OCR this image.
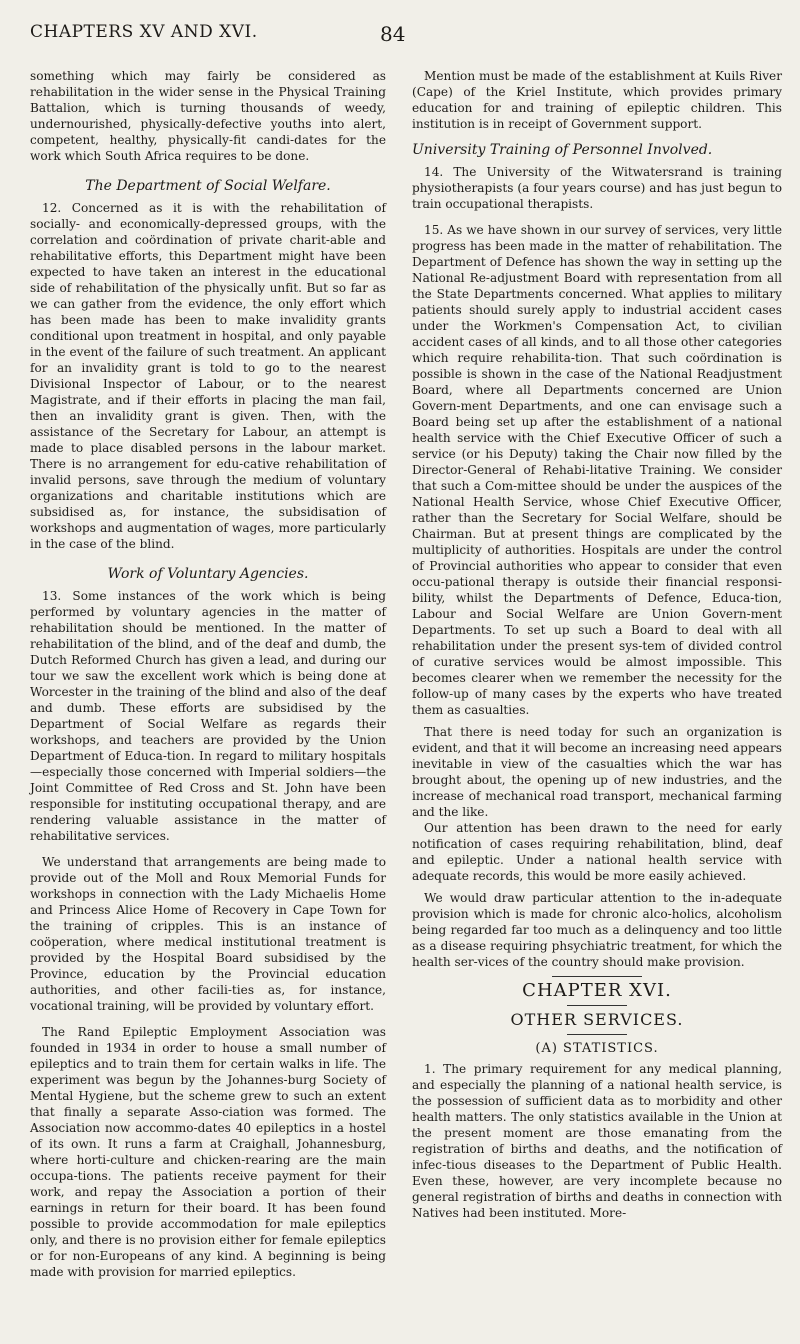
CHAPTERS XV AND XVI.	84

something which may fairly be considered as rehabilitation in the wider sense in the Physical Training Battalion, which is turning thousands of weedy, undernourished, physically-defective youths into alert, competent, healthy, physically-fit candi-dates for the work which South Africa requires to be done.

The Department of Social Welfare.

12. Concerned as it is with the rehabilitation of socially- and economically-depressed groups, with the correlation and coördination of private charit-able and rehabilitative efforts, this Department might have been expected to have taken an interest in the educational side of rehabilitation of the physically unfit. But so far as we can gather from the evidence, the only effort which has been made has been to make invalidity grants conditional upon treatment in hospital, and only payable in the event of the failure of such treatment. An applicant for an invalidity grant is told to go to the nearest Divisional Inspector of Labour, or to the nearest Magistrate, and if their efforts in placing the man fail, then an invalidity grant is given. Then, with the assistance of the Secretary for Labour, an attempt is made to place disabled persons in the labour market. There is no arrangement for edu-cative rehabilitation of invalid persons, save through the medium of voluntary organizations and charitable institutions which are subsidised as, for instance, the subsidisation of workshops and augmentation of wages, more particularly in the case of the blind.

Work of Voluntary Agencies.

13. Some instances of the work which is being performed by voluntary agencies in the matter of rehabilitation should be mentioned. In the matter of rehabilitation of the blind, and of the deaf and dumb, the Dutch Reformed Church has given a lead, and during our tour we saw the excellent work which is being done at Worcester in the training of the blind and also of the deaf and dumb. These efforts are subsidised by the Department of Social Welfare as regards their workshops, and teachers are provided by the Union Department of Educa-tion. In regard to military hospitals—especially those concerned with Imperial soldiers—the Joint Committee of Red Cross and St. John have been responsible for instituting occupational therapy, and are rendering valuable assistance in the matter of rehabilitative services.

We understand that arrangements are being made to provide out of the Moll and Roux Memorial Funds for workshops in connection with the Lady Michaelis Home and Princess Alice Home of Recovery in Cape Town for the training of cripples. This is an instance of coöperation, where medical institutional treatment is provided by the Hospital Board subsidised by the Province, education by the Provincial education authorities, and other facili-ties as, for instance, vocational training, will be provided by voluntary effort.

The Rand Epileptic Employment Association was founded in 1934 in order to house a small number of epileptics and to train them for certain walks in life. The experiment was begun by the Johannes-burg Society of Mental Hygiene, but the scheme grew to such an extent that finally a separate Asso-ciation was formed. The Association now accommo-dates 40 epileptics in a hostel of its own. It runs a farm at Craighall, Johannesburg, where horti-culture and chicken-rearing are the main occupa-tions. The patients receive payment for their work, and repay the Association a portion of their earnings in return for their board. It has been found possible to provide accommodation for male epileptics only, and there is no provision either for female epileptics or for non-Europeans of any kind. A beginning is being made with provision for married epileptics.

Mention must be made of the establishment at Kuils River (Cape) of the Kriel Institute, which provides primary education for and training of epileptic children. This institution is in receipt of Government support.

University Training of Personnel Involved.

14. The University of the Witwatersrand is training physiotherapists (a four years course) and has just begun to train occupational therapists.

15. As we have shown in our survey of services, very little progress has been made in the matter of rehabilitation. The Department of Defence has shown the way in setting up the National Re-adjustment Board with representation from all the State Departments concerned. What applies to military patients should surely apply to industrial accident cases under the Workmen's Compensation Act, to civilian accident cases of all kinds, and to all those other categories which require rehabilita-tion. That such coördination is possible is shown in the case of the National Readjustment Board, where all Departments concerned are Union Govern-ment Departments, and one can envisage such a Board being set up after the establishment of a national health service with the Chief Executive Officer of such a service (or his Deputy) taking the Chair now filled by the Director-General of Rehabi-litative Training. We consider that such a Com-mittee should be under the auspices of the National Health Service, whose Chief Executive Officer, rather than the Secretary for Social Welfare, should be Chairman. But at present things are complicated by the multiplicity of authorities. Hospitals are under the control of Provincial authorities who appear to consider that even occu-pational therapy is outside their financial responsi-bility, whilst the Departments of Defence, Educa-tion, Labour and Social Welfare are Union Govern-ment Departments. To set up such a Board to deal with all rehabilitation under the present sys-tem of divided control of curative services would be almost impossible. This becomes clearer when we remember the necessity for the follow-up of many cases by the experts who have treated them as casualties.

That there is need today for such an organization is evident, and that it will become an increasing need appears inevitable in view of the casualties which the war has brought about, the opening up of new industries, and the increase of mechanical road transport, mechanical farming and the like.

Our attention has been drawn to the need for early notification of cases requiring rehabilitation, blind, deaf and epileptic. Under a national health service with adequate records, this would be more easily achieved.

We would draw particular attention to the in-adequate provision which is made for chronic alco-holics, alcoholism being regarded far too much as a delinquency and too little as a disease requiring phsychiatric treatment, for which the health ser-vices of the country should make provision.

CHAPTER XVI.
OTHER SERVICES.
(A) STATISTICS.

1. The primary requirement for any medical planning, and especially the planning of a national health service, is the possession of sufficient data as to morbidity and other health matters. The only statistics available in the Union at the present moment are those emanating from the registration of births and deaths, and the notification of infec-tious diseases to the Department of Public Health. Even these, however, are very incomplete because no general registration of births and deaths in connection with Natives had been instituted. More-
